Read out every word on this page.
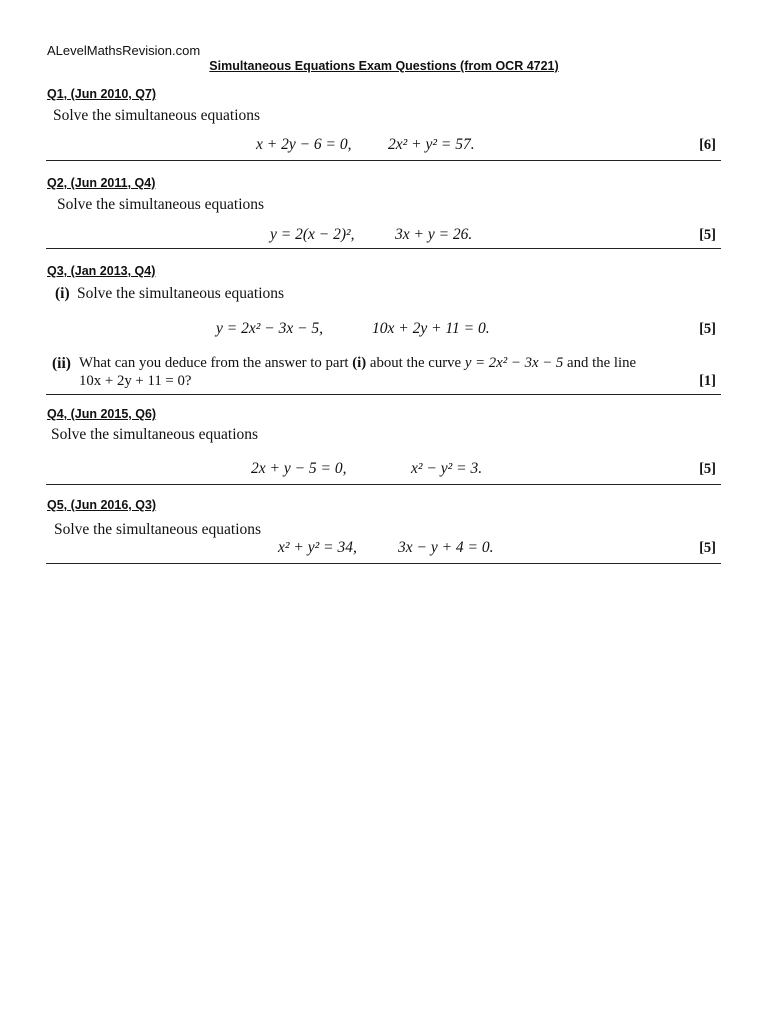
ALevelMathsRevision.com
Simultaneous Equations Exam Questions (from OCR 4721)
Q1, (Jun 2010, Q7)
Solve the simultaneous equations
x + 2y − 6 = 0, 2x² + y² = 57.	[6]
Q2, (Jun 2011, Q4)
Solve the simultaneous equations
y = 2(x − 2)²,	3x + y = 26.	[5]
Q3, (Jan 2013, Q4)
(i) Solve the simultaneous equations
y = 2x² − 3x − 5,	10x + 2y + 11 = 0.	[5]
(ii) What can you deduce from the answer to part (i) about the curve y = 2x² − 3x − 5 and the line
10x + 2y + 11 = 0?	[1]
Q4, (Jun 2015, Q6)
Solve the simultaneous equations
2x + y − 5 = 0,	x² − y² = 3.	[5]
Q5, (Jun 2016, Q3)
Solve the simultaneous equations
x² + y² = 34,	3x − y + 4 = 0.	[5]
